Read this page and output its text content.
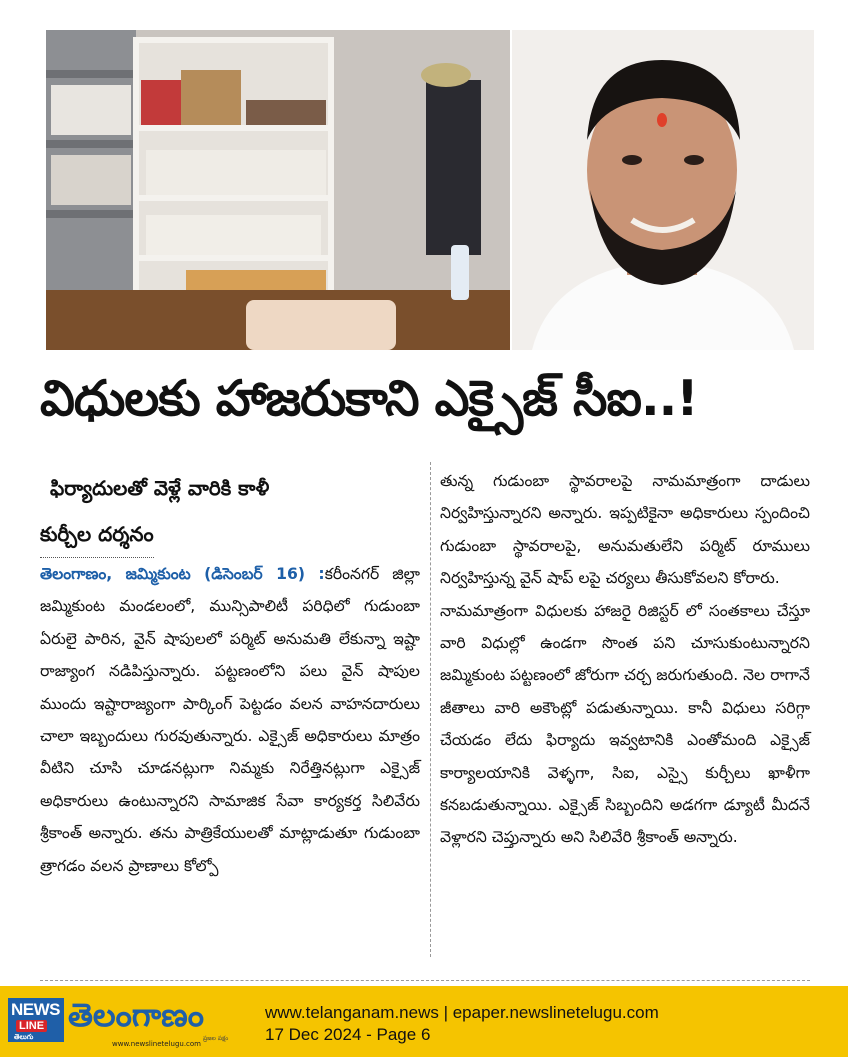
విధులకు హాజరుకాని ఎక్సైజ్ సీఐ..!
ఫిర్యాదులతో వెళ్లే వారికి కాళీ
కుర్చీల దర్శనం
తెలంగాణం, జమ్మికుంట (డిసెంబర్ 16) :కరీంనగర్ జిల్లా జమ్మికుంట మండలంలో, మున్సిపాలిటీ పరిధిలో గుడుంబా ఏరులై పారిన, వైన్ షాపులలో పర్మిట్ అనుమతి లేకున్నా ఇష్టా రాజ్యాంగ నడిపిస్తున్నారు. పట్టణంలోని పలు వైన్ షాపుల ముందు ఇష్టారాజ్యంగా పార్కింగ్ పెట్టడం వలన వాహనదారులు చాలా ఇబ్బందులు గురవుతున్నారు. ఎక్సైజ్ అధికారులు మాత్రం వీటిని చూసి చూడనట్లుగా నిమ్మకు నిరేత్తినట్లుగా ఎక్సైజ్ అధికారులు ఉంటున్నారని సామాజిక సేవా కార్యకర్త సిలివేరు శ్రీకాంత్ అన్నారు. తను పాత్రికేయులతో మాట్లాడుతూ గుడుంబా త్రాగడం వలన ప్రాణాలు కోల్పో
తున్న గుడుంబా స్థావరాలపై నామమాత్రంగా దాడులు నిర్వహిస్తున్నారని అన్నారు. ఇప్పటికైనా అధికారులు స్పందించి గుడుంబా స్థావరాలపై, అనుమతులేని పర్మిట్ రూములు నిర్వహిస్తున్న వైన్ షాప్ లపై చర్యలు తీసుకోవలని కోరారు.
నామమాత్రంగా విధులకు హాజరై రిజిస్టర్ లో సంతకాలు చేస్తూ వారి విధుల్లో ఉండగా సొంత పని చూసుకుంటున్నారని జమ్మికుంట పట్టణంలో జోరుగా చర్చ జరుగుతుంది. నెల రాగానే జీతాలు వారి అకౌంట్లో పడుతున్నాయి. కానీ విధులు సరిగ్గా చేయడం లేదు ఫిర్యాదు ఇవ్వటానికి ఎంతోమంది ఎక్సైజ్ కార్యాలయానికి వెళ్ళగా, సిఐ, ఎస్సై కుర్చీలు ఖాళీగా కనబడుతున్నాయి. ఎక్సైజ్ సిబ్బందిని అడగగా డ్యూటీ మీదనే వెళ్లారని చెప్తున్నారు అని సిలివేరి శ్రీకాంత్ అన్నారు.
NEWS
LINE
తెలుగు
తెలంగాణం
www.newslinetelugu.com
ప్రజల పక్షం
www.telanganam.news | epaper.newslinetelugu.com
17 Dec 2024 - Page 6
